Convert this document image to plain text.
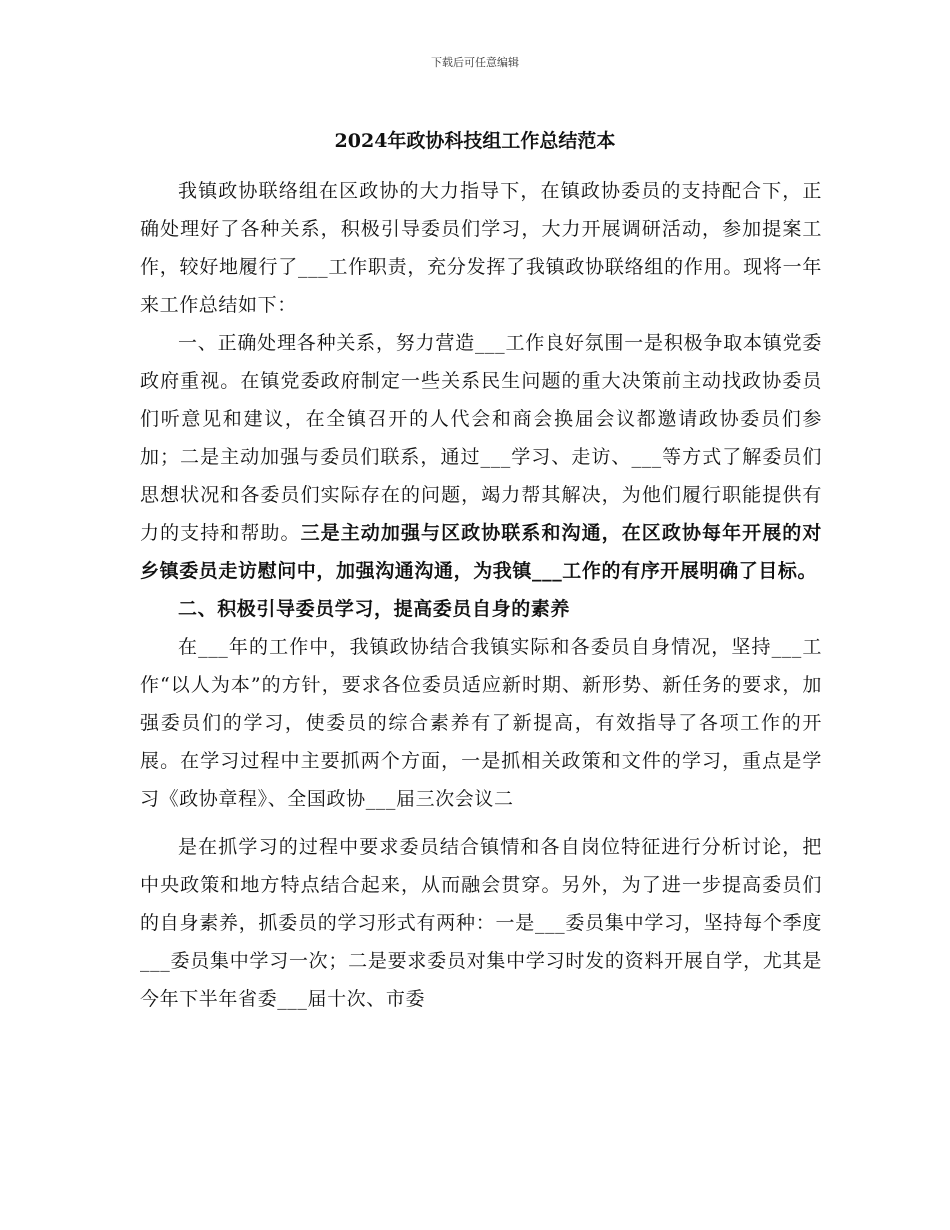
下载后可任意编辑
2024年政协科技组工作总结范本

我镇政协联络组在区政协的大力指导下，在镇政协委员的支持配合下，正确处理好了各种关系，积极引导委员们学习，大力开展调研活动，参加提案工作，较好地履行了___工作职责，充分发挥了我镇政协联络组的作用。现将一年来工作总结如下：

一、正确处理各种关系，努力营造___工作良好氛围一是积极争取本镇党委政府重视。在镇党委政府制定一些关系民生问题的重大决策前主动找政协委员们听意见和建议，在全镇召开的人代会和商会换届会议都邀请政协委员们参加；二是主动加强与委员们联系，通过___学习、走访、___等方式了解委员们思想状况和各委员们实际存在的问题，竭力帮其解决，为他们履行职能提供有力的支持和帮助。三是主动加强与区政协联系和沟通，在区政协每年开展的对乡镇委员走访慰问中，加强沟通沟通，为我镇___工作的有序开展明确了目标。

二、积极引导委员学习，提高委员自身的素养

在___年的工作中，我镇政协结合我镇实际和各委员自身情况，坚持___工作“以人为本”的方针，要求各位委员适应新时期、新形势、新任务的要求，加强委员们的学习，使委员的综合素养有了新提高，有效指导了各项工作的开展。在学习过程中主要抓两个方面，一是抓相关政策和文件的学习，重点是学习《政协章程》、全国政协___届三次会议二

是在抓学习的过程中要求委员结合镇情和各自岗位特征进行分析讨论，把中央政策和地方特点结合起来，从而融会贯穿。另外，为了进一步提高委员们的自身素养，抓委员的学习形式有两种：一是___委员集中学习，坚持每个季度___委员集中学习一次；二是要求委员对集中学习时发的资料开展自学，尤其是今年下半年省委___届十次、市委
